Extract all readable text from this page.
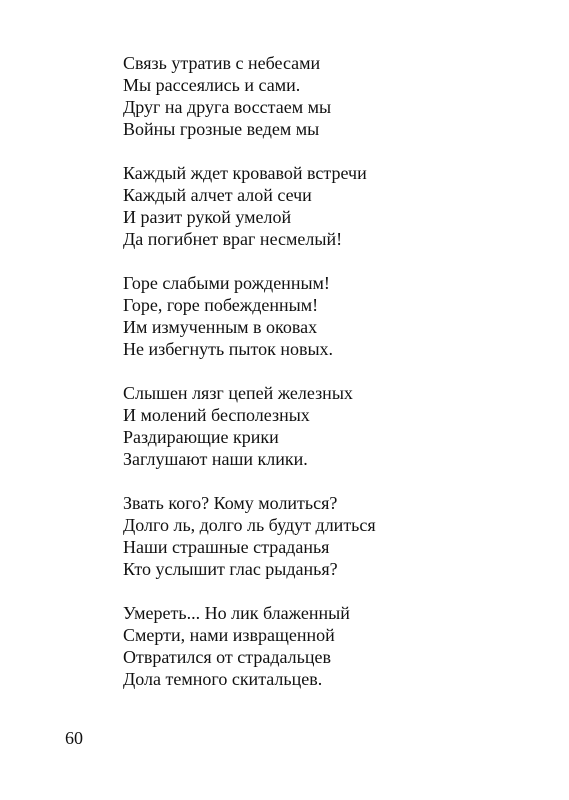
Связь утратив с небесами
Мы рассеялись и сами.
Друг на друга восстаем мы
Войны грозные ведем мы
Каждый ждет кровавой встречи
Каждый алчет алой сечи
И разит рукой умелой
Да погибнет враг несмелый!
Горе слабыми рожденным!
Горе, горе побежденным!
Им измученным в оковах
Не избегнуть пыток новых.
Слышен лязг цепей железных
И молений бесполезных
Раздирающие крики
Заглушают наши клики.
Звать кого? Кому молиться?
Долго ль, долго ль будут длиться
Наши страшные страданья
Кто услышит глас рыданья?
Умереть... Но лик блаженный
Смерти, нами извращенной
Отвратился от страдальцев
Дола темного скитальцев.
60
